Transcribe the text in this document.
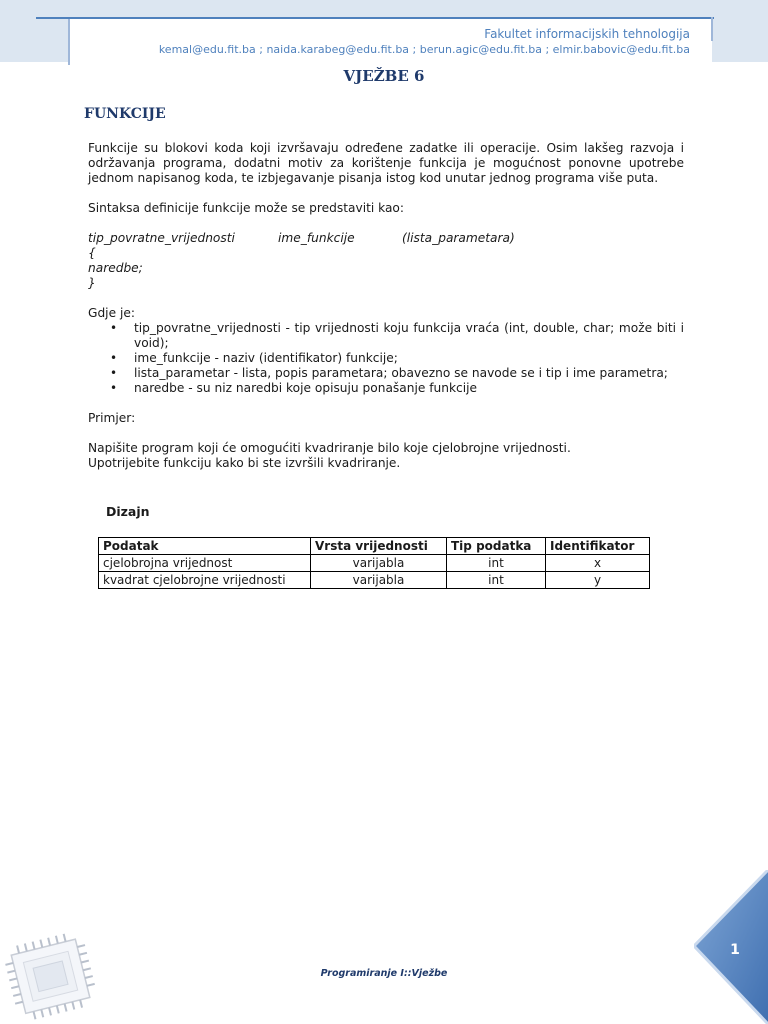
Fakultet informacijskih tehnologija
kemal@edu.fit.ba ; naida.karabeg@edu.fit.ba ; berun.agic@edu.fit.ba ; elmir.babovic@edu.fit.ba
VJEŽBE 6
FUNKCIJE

Funkcije su blokovi koda koji izvršavaju određene zadatke ili operacije. Osim lakšeg razvoja i održavanja programa, dodatni motiv za korištenje funkcija je mogućnost ponovne upotrebe jednom napisanog koda, te izbjegavanje pisanja istog kod unutar jednog programa više puta.

Sintaksa definicije funkcije može se predstaviti kao:

tip_povratne_vrijednosti	ime_funkcije	(lista_parametara)

{

naredbe;

}

Gdje je:

• tip_povratne_vrijednosti - tip vrijednosti koju funkcija vraća (int, double, char; može biti i void);
• ime_funkcije - naziv (identifikator) funkcije;
• lista_parametar - lista, popis parametara; obavezno se navode se i tip i ime parametra;
• naredbe - su niz naredbi koje opisuju ponašanje funkcije

Primjer:

Napišite program koji će omogućiti kvadriranje bilo koje cjelobrojne vrijednosti.

Upotrijebite funkciju kako bi ste izvršili kvadriranje.

Dizajn

Podatak	Vrsta vrijednosti	Tip podatka	Identifikator
cjelobrojna vrijednost	varijabla	int	x
kvadrat cjelobrojne vrijednosti	varijabla	int	y
Programiranje I::Vježbe
1
